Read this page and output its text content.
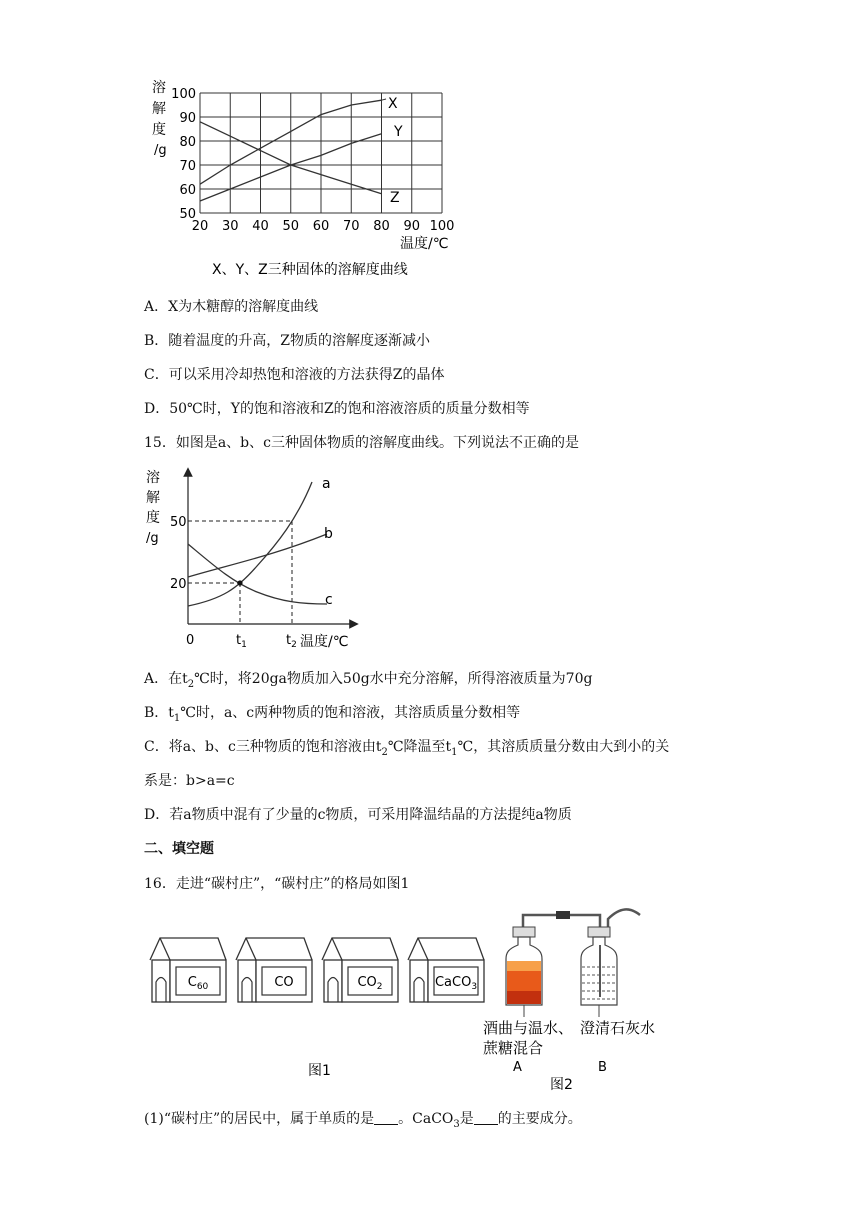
溶
解
度
/g
50
60
70
80
90
100
20 30 40 50 60 70 80 90 100
X
Y
Z
温度/℃
X、Y、Z三种固体的溶解度曲线
A．X为木糖醇的溶解度曲线
B．随着温度的升高，Z物质的溶解度逐渐减小
C．可以采用冷却热饱和溶液的方法获得Z的晶体
D．50℃时，Y的饱和溶液和Z的饱和溶液溶质的质量分数相等
15．如图是a、b、c三种固体物质的溶解度曲线。下列说法不正确的是
溶
解
度
/g
50
20
0	$t_1$	$t_2$ 温度/℃
a
b
c
A．在$t_2℃$时，将20ga物质加入50g水中充分溶解，所得溶液质量为70g
B．$t_1℃$时，a、c两种物质的饱和溶液，其溶质质量分数相等
C．将a、b、c三种物质的饱和溶液由$t_2℃$降温至$t_1℃$，其溶质质量分数由大到小的关
系是：b>a=c
D．若a物质中混有了少量的c物质，可采用降温结晶的方法提纯a物质
二、填空题
16．走进“碳村庄”，“碳村庄”的格局如图1
$C_{60}$	CO	$CO_2$	CaCO$_3$
图1
酒曲与温水、 澄清石灰水
蔗糖混合
A	B
图2
(1)“碳村庄”的居民中，属于单质的是 。CaCO$_3$是 的主要成分。
